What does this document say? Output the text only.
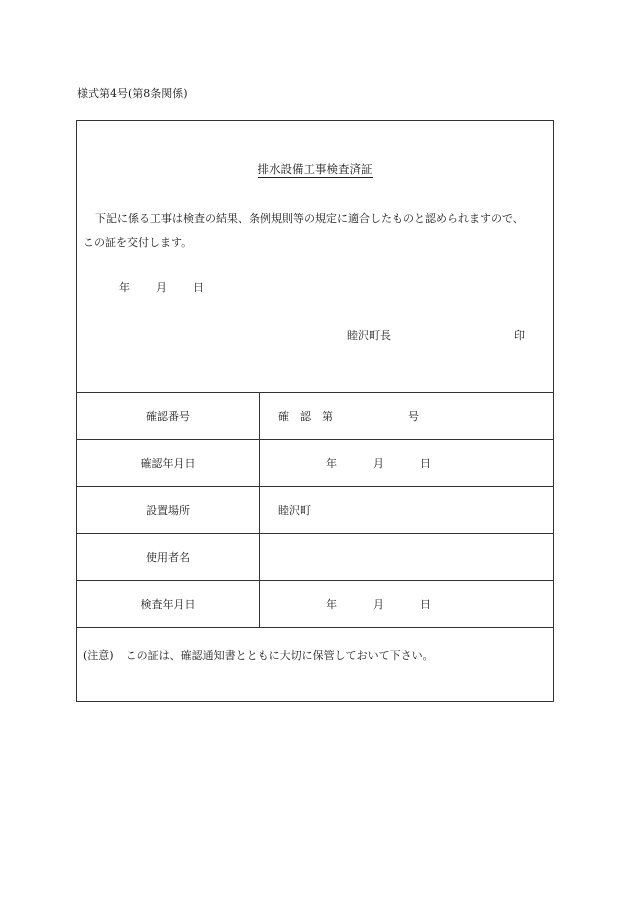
様式第4号(第8条関係)
排水設備工事検査済証
下記に係る工事は検査の結果、条例規則等の規定に適合したものと認められますので、
この証を交付します。
年 月 日
睦沢町長	印
確認番号	確 認 第 号
確認年月日	年 月 日
設置場所	睦沢町
使用者名	
検査年月日	年 月 日
(注意) この証は、確認通知書とともに大切に保管しておいて下さい。
